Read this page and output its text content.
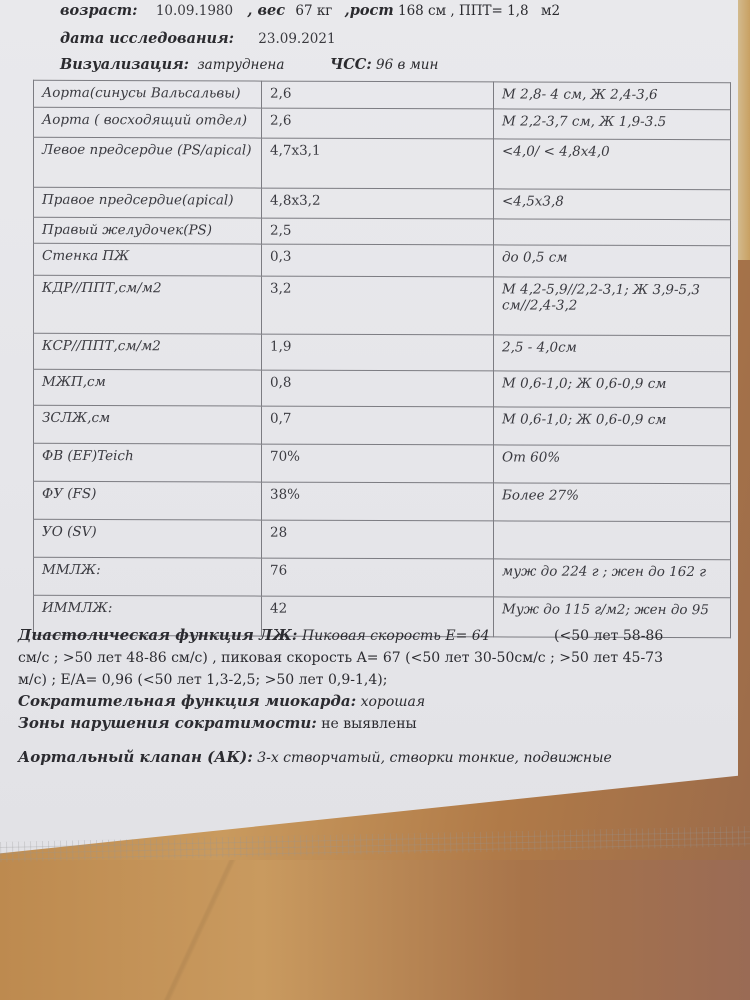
возраст: 10.09.1980 , вес 67 кг ,рост 168 см , ППТ= 1,8 м2
дата исследования: 23.09.2021
Визуализация: затруднена	ЧСС: 96 в мин
Аорта(синусы Вальсальвы)	2,6	М 2,8- 4 см, Ж 2,4-3,6
Аорта ( восходящий отдел)	2,6	М 2,2-3,7 см, Ж 1,9-3.5
Левое предсердие (PS/apical)	4,7х3,1	<4,0/ < 4,8х4,0
Правое предсердие(apical)	4,8х3,2	<4,5х3,8
Правый желудочек(PS)	2,5	
Стенка ПЖ	0,3	до 0,5 см
КДР//ППТ,см/м2	3,2	М 4,2-5,9//2,2-3,1; Ж 3,9-5,3 см//2,4-3,2
КСР//ППТ,см/м2	1,9	2,5 - 4,0см
МЖП,см	0,8	М 0,6-1,0; Ж 0,6-0,9 см
ЗСЛЖ,см	0,7	М 0,6-1,0; Ж 0,6-0,9 см
ФВ (EF)Teich	70%	От 60%
ФУ (FS)	38%	Более 27%
УО (SV)	28	
ММЛЖ:	76	муж до 224 г ; жен до 162 г
ИММЛЖ:	42	Муж до 115 г/м2; жен до 95
Диастолическая функция ЛЖ: Пиковая скорость E= 64	(<50 лет 58-86
см/с ; >50 лет 48-86 см/с) , пиковая скорость A= 67 (<50 лет 30-50см/с ; >50 лет 45-73
м/с) ; E/A= 0,96 (<50 лет 1,3-2,5; >50 лет 0,9-1,4);
Сократительная функция миокарда: хорошая
Зоны нарушения сократимости: не выявлены
Аортальный клапан (АК): 3-х створчатый, створки тонкие, подвижные
